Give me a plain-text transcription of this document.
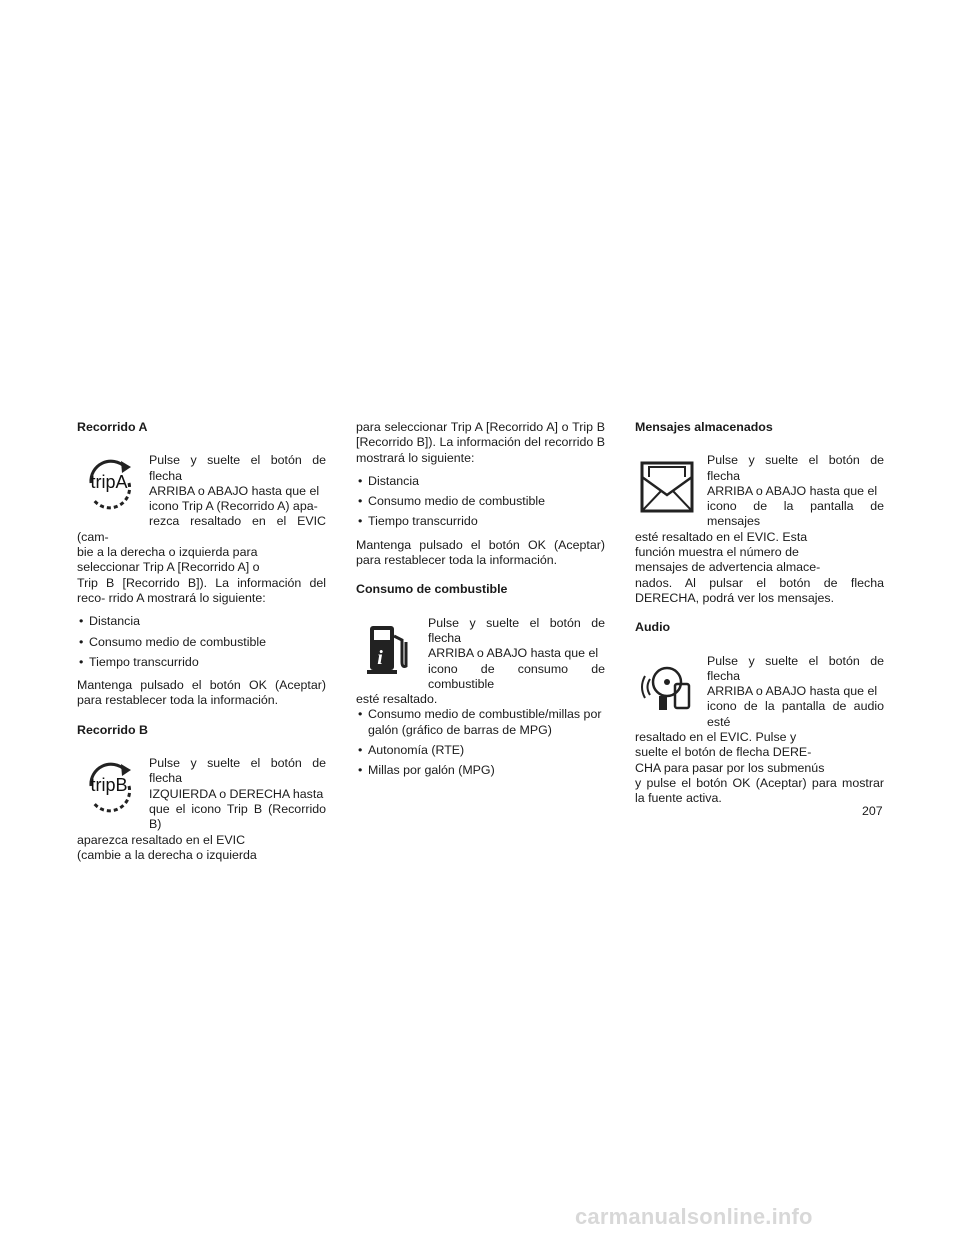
Recorrido A
tripA
Pulse y suelte el botón de flecha
ARRIBA o ABAJO hasta que el
icono Trip A (Recorrido A) apa-
rezca resaltado en el EVIC (cam-
bie a la derecha o izquierda para
seleccionar Trip A [Recorrido A] o
Trip B [Recorrido B]). La información del reco- rrido A mostrará lo siguiente:
• Distancia
• Consumo medio de combustible
• Tiempo transcurrido
Mantenga pulsado el botón OK (Aceptar) para restablecer toda la información.
Recorrido B
tripB
Pulse y suelte el botón de flecha
IZQUIERDA o DERECHA hasta
que el icono Trip B (Recorrido B)
aparezca resaltado en el EVIC
(cambie a la derecha o izquierda
para seleccionar Trip A [Recorrido A] o Trip B [Recorrido B]). La información del recorrido B mostrará lo siguiente:
• Distancia
• Consumo medio de combustible
• Tiempo transcurrido
Mantenga pulsado el botón OK (Aceptar) para restablecer toda la información.
Consumo de combustible
i
Pulse y suelte el botón de flecha
ARRIBA o ABAJO hasta que el
icono de consumo de combustible
esté resaltado.
• Consumo medio de combustible/millas por galón (gráfico de barras de MPG)
• Autonomía (RTE)
• Millas por galón (MPG)
Mensajes almacenados
Pulse y suelte el botón de flecha
ARRIBA o ABAJO hasta que el
icono de la pantalla de mensajes
esté resaltado en el EVIC. Esta
función muestra el número de
mensajes de advertencia almace-
nados. Al pulsar el botón de flecha DERECHA, podrá ver los mensajes.
Audio
Pulse y suelte el botón de flecha
ARRIBA o ABAJO hasta que el
icono de la pantalla de audio esté
resaltado en el EVIC. Pulse y
suelte el botón de flecha DERE-
CHA para pasar por los submenús
y pulse el botón OK (Aceptar) para mostrar la fuente activa.
207
carmanualsonline.info
